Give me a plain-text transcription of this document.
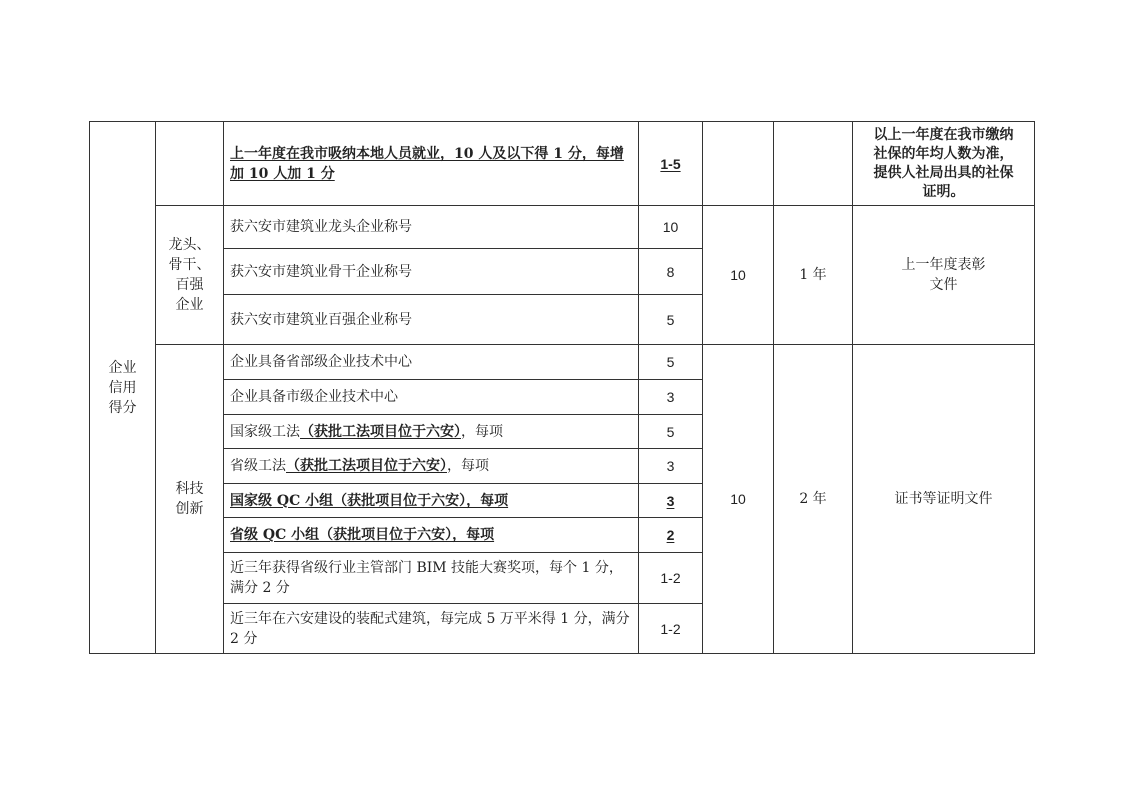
企业
信用
得分		上一年度在我市吸纳本地人员就业，10 人及以下得 1 分，每增加 10 人加 1 分	1-5			以上一年度在我市缴纳社保的年均人数为准，提供人社局出具的社保证明。

	龙头、
骨干、
百强
企业	获六安市建筑业龙头企业称号	10	10	1 年	上一年度表彰
文件

		获六安市建筑业骨干企业称号	8			
		获六安市建筑业百强企业称号	5			

	科技
创新	企业具备省部级企业技术中心	5	10	2 年	证书等证明文件
		企业具备市级企业技术中心	3			
		国家级工法（获批工法项目位于六安），每项	5			
		省级工法（获批工法项目位于六安），每项	3			
		国家级 QC 小组（获批项目位于六安），每项	3			
		省级 QC 小组（获批项目位于六安），每项	2			
		近三年获得省级行业主管部门 BIM 技能大赛奖项，每个 1 分，满分 2 分	1-2			
		近三年在六安建设的装配式建筑，每完成 5 万平米得 1 分，满分 2 分	1-2			
